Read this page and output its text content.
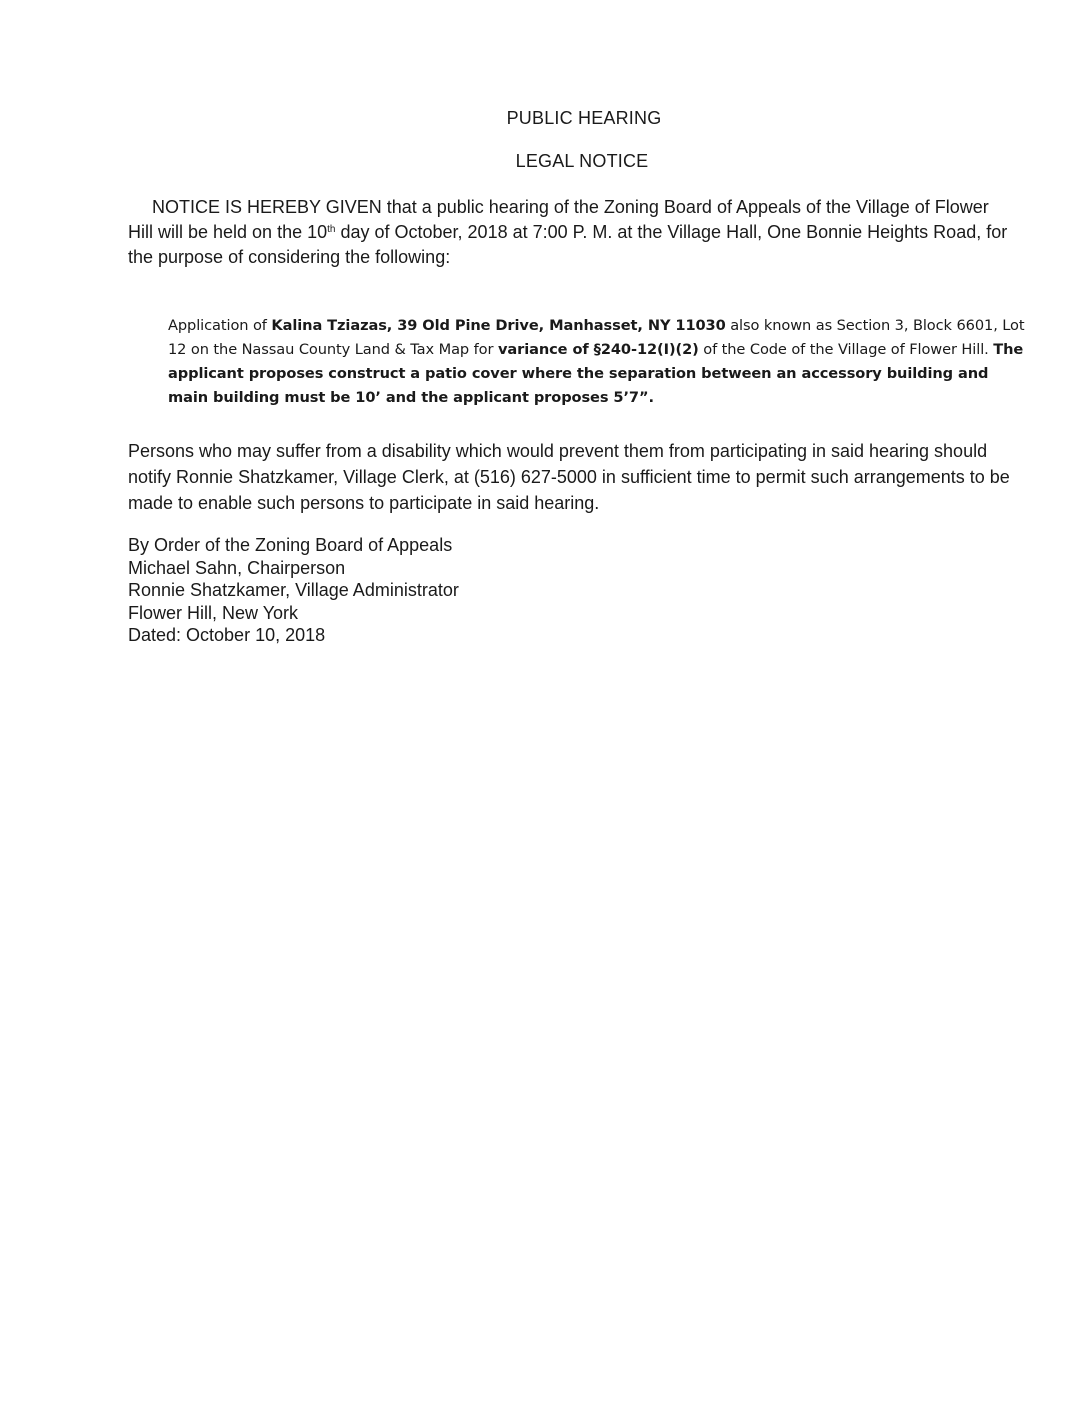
PUBLIC HEARING

LEGAL NOTICE

NOTICE IS HEREBY GIVEN that a public hearing of the Zoning Board of Appeals of the Village of Flower Hill will be held on the 10th day of October, 2018 at 7:00 P. M. at the Village Hall, One Bonnie Heights Road, for the purpose of considering the following:

Application of Kalina Tziazas, 39 Old Pine Drive, Manhasset, NY 11030 also known as Section 3, Block 6601, Lot 12 on the Nassau County Land & Tax Map for variance of §240-12(I)(2) of the Code of the Village of Flower Hill. The applicant proposes construct a patio cover where the separation between an accessory building and main building must be 10’ and the applicant proposes 5’7”.

Persons who may suffer from a disability which would prevent them from participating in said hearing should notify Ronnie Shatzkamer, Village Clerk, at (516) 627-5000 in sufficient time to permit such arrangements to be made to enable such persons to participate in said hearing.

By Order of the Zoning Board of Appeals
Michael Sahn, Chairperson
Ronnie Shatzkamer, Village Administrator
Flower Hill, New York
Dated: October 10, 2018
